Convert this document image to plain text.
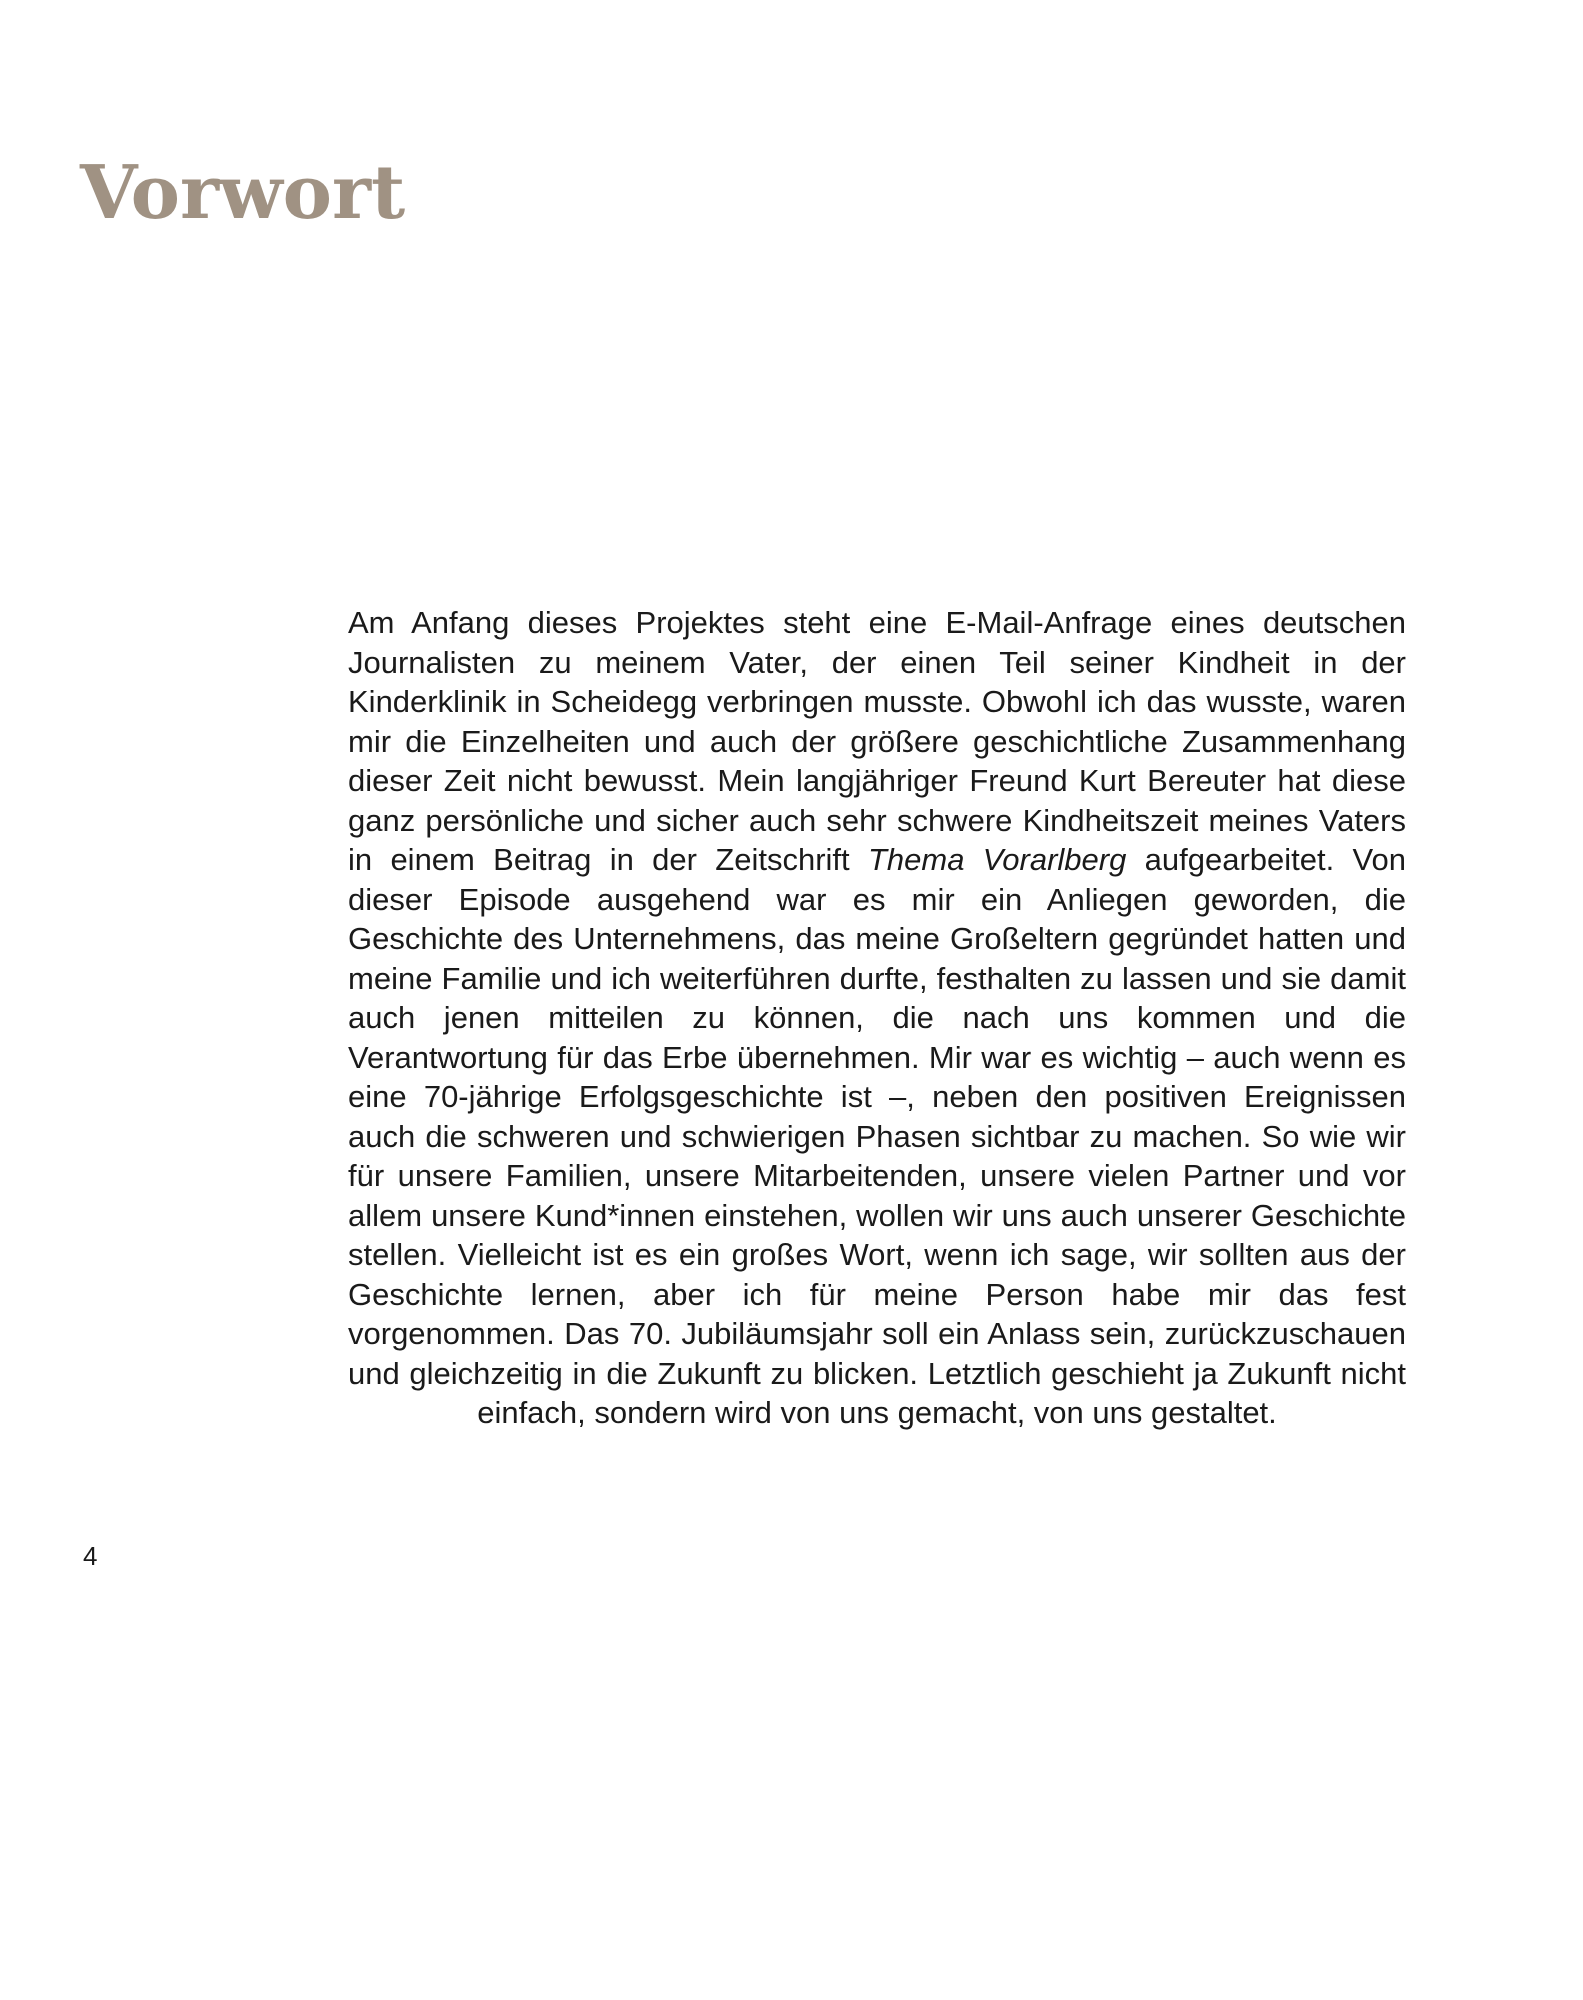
Vorwort

Am Anfang dieses Projektes steht eine E-Mail-Anfrage eines deutschen Journalisten zu meinem Vater, der einen Teil seiner Kindheit in der Kinderklinik in Scheidegg verbringen musste. Obwohl ich das wusste, waren mir die Einzelheiten und auch der größere geschichtliche Zusammenhang dieser Zeit nicht bewusst. Mein langjähriger Freund Kurt Bereuter hat diese ganz persönliche und sicher auch sehr schwere Kindheitszeit meines Vaters in einem Beitrag in der Zeitschrift Thema Vorarlberg aufgearbeitet. Von dieser Episode ausgehend war es mir ein Anliegen geworden, die Geschichte des Unternehmens, das meine Großeltern gegründet hatten und meine Familie und ich weiterführen durfte, festhalten zu lassen und sie damit auch jenen mitteilen zu können, die nach uns kommen und die Verantwortung für das Erbe übernehmen. Mir war es wichtig – auch wenn es eine 70-jährige Erfolgsgeschichte ist –, neben den positiven Ereignissen auch die schweren und schwierigen Phasen sichtbar zu machen. So wie wir für unsere Familien, unsere Mitarbeitenden, unsere vielen Partner und vor allem unsere Kund*innen einstehen, wollen wir uns auch unserer Geschichte stellen. Vielleicht ist es ein großes Wort, wenn ich sage, wir sollten aus der Geschichte lernen, aber ich für meine Person habe mir das fest vorgenommen. Das 70. Jubiläumsjahr soll ein Anlass sein, zurückzuschauen und gleichzeitig in die Zukunft zu blicken. Letztlich geschieht ja Zukunft nicht einfach, sondern wird von uns gemacht, von uns gestaltet.

4
